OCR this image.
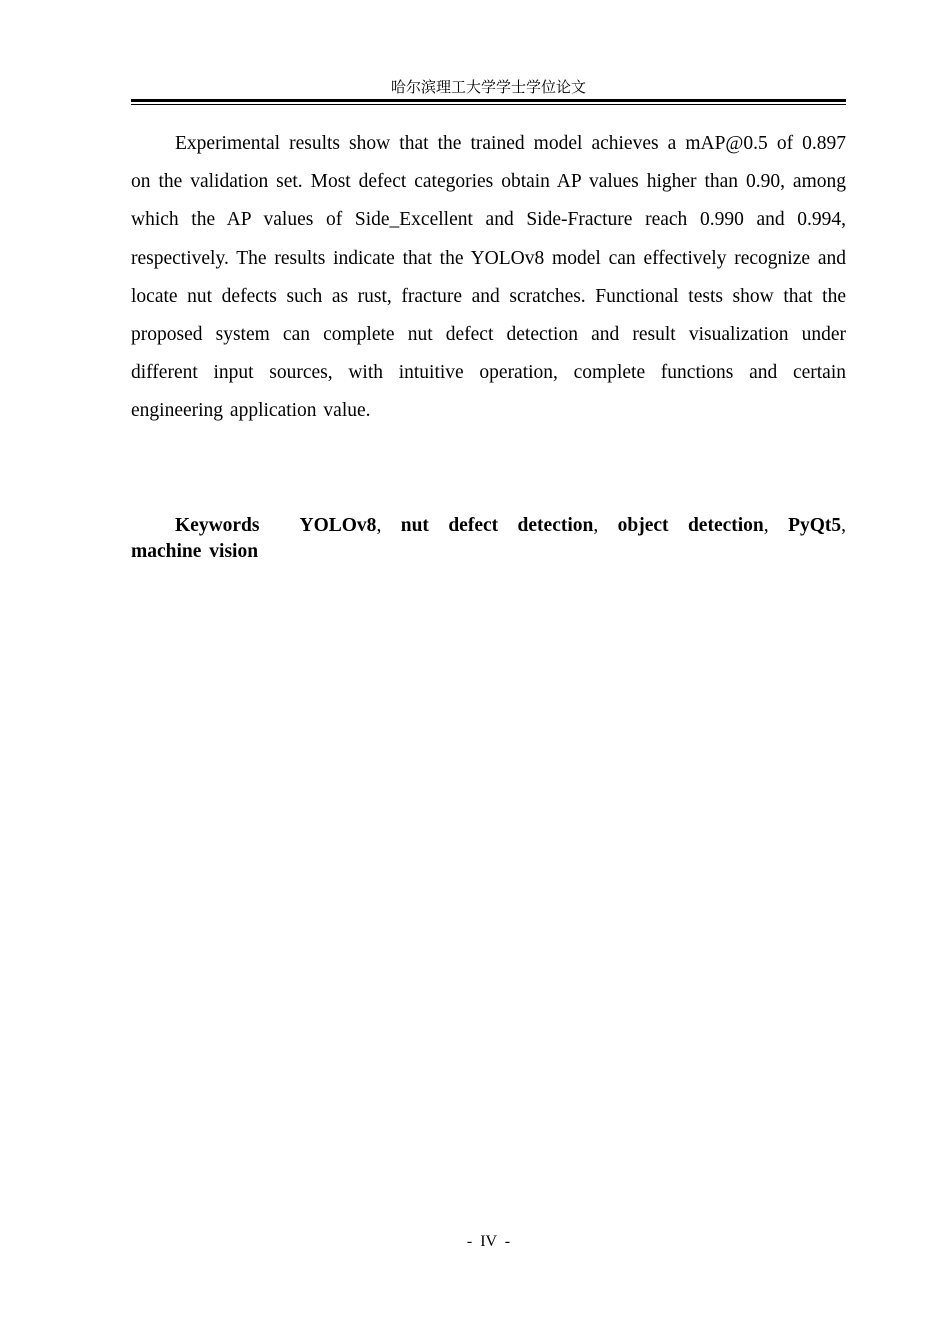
哈尔滨理工大学学士学位论文

Experimental results show that the trained model achieves a mAP@0.5 of 0.897 on the validation set. Most defect categories obtain AP values higher than 0.90, among which the AP values of Side_Excellent and Side-Fracture reach 0.990 and 0.994, respectively. The results indicate that the YOLOv8 model can effectively recognize and locate nut defects such as rust, fracture and scratches. Functional tests show that the proposed system can complete nut defect detection and result visualization under different input sources, with intuitive operation, complete functions and certain engineering application value.

Keywords YOLOv8, nut defect detection, object detection, PyQt5, machine vision

- IV -
